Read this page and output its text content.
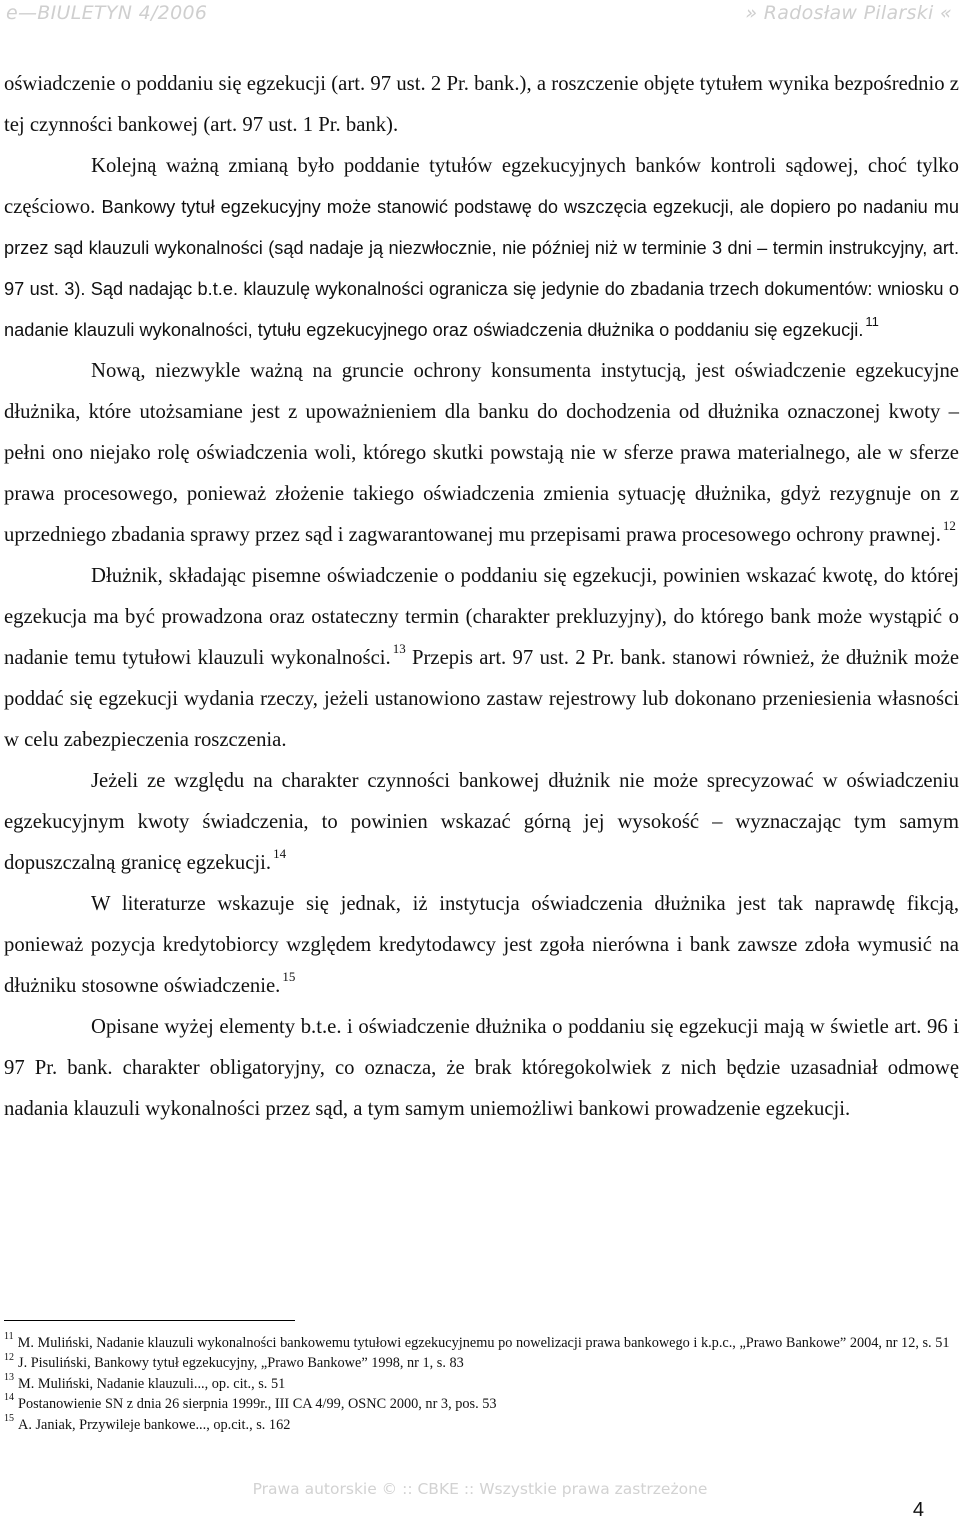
e—BIULETYN 4/2006	» Radosław Pilarski «

oświadczenie o poddaniu się egzekucji (art. 97 ust. 2 Pr. bank.), a roszczenie objęte tytułem wynika bezpośrednio z tej czynności bankowej (art. 97 ust. 1 Pr. bank).

Kolejną ważną zmianą było poddanie tytułów egzekucyjnych banków kontroli sądowej, choć tylko częściowo. Bankowy tytuł egzekucyjny może stanowić podstawę do wszczęcia egzekucji, ale dopiero po nadaniu mu przez sąd klauzuli wykonalności (sąd nadaje ją niezwłocznie, nie później niż w terminie 3 dni – termin instrukcyjny, art. 97 ust. 3). Sąd nadając b.t.e. klauzulę wykonalności ogranicza się jedynie do zbadania trzech dokumentów: wniosku o nadanie klauzuli wykonalności, tytułu egzekucyjnego oraz oświadczenia dłużnika o poddaniu się egzekucji. $^{11}$

Nową, niezwykle ważną na gruncie ochrony konsumenta instytucją, jest oświadczenie egzekucyjne dłużnika, które utożsamiane jest z upoważnieniem dla banku do dochodzenia od dłużnika oznaczonej kwoty – pełni ono niejako rolę oświadczenia woli, którego skutki powstają nie w sferze prawa materialnego, ale w sferze prawa procesowego, ponieważ złożenie takiego oświadczenia zmienia sytuację dłużnika, gdyż rezygnuje on z uprzedniego zbadania sprawy przez sąd i zagwarantowanej mu przepisami prawa procesowego ochrony prawnej. $^{12}$

Dłużnik, składając pisemne oświadczenie o poddaniu się egzekucji, powinien wskazać kwotę, do której egzekucja ma być prowadzona oraz ostateczny termin (charakter prekluzyjny), do którego bank może wystąpić o nadanie temu tytułowi klauzuli wykonalności. $^{13}$ Przepis art. 97 ust. 2 Pr. bank. stanowi również, że dłużnik może poddać się egzekucji wydania rzeczy, jeżeli ustanowiono zastaw rejestrowy lub dokonano przeniesienia własności w celu zabezpieczenia roszczenia.

Jeżeli ze względu na charakter czynności bankowej dłużnik nie może sprecyzować w oświadczeniu egzekucyjnym kwoty świadczenia, to powinien wskazać górną jej wysokość – wyznaczając tym samym dopuszczalną granicę egzekucji. $^{14}$

W literaturze wskazuje się jednak, iż instytucja oświadczenia dłużnika jest tak naprawdę fikcją, ponieważ pozycja kredytobiorcy względem kredytodawcy jest zgoła nierówna i bank zawsze zdoła wymusić na dłużniku stosowne oświadczenie. $^{15}$

Opisane wyżej elementy b.t.e. i oświadczenie dłużnika o poddaniu się egzekucji mają w świetle art. 96 i 97 Pr. bank. charakter obligatoryjny, co oznacza, że brak któregokolwiek z nich będzie uzasadniał odmowę nadania klauzuli wykonalności przez sąd, a tym samym uniemożliwi bankowi prowadzenie egzekucji.

$^{11}$ M. Muliński, Nadanie klauzuli wykonalności bankowemu tytułowi egzekucyjnemu po nowelizacji prawa bankowego i k.p.c., „Prawo Bankowe” 2004, nr 12, s. 51

$^{12}$ J. Pisuliński, Bankowy tytuł egzekucyjny, „Prawo Bankowe” 1998, nr 1, s. 83

$^{13}$ M. Muliński, Nadanie klauzuli..., op. cit., s. 51

$^{14}$ Postanowienie SN z dnia 26 sierpnia 1999r., III CA 4/99, OSNC 2000, nr 3, pos. 53

$^{15}$ A. Janiak, Przywileje bankowe..., op.cit., s. 162

Prawa autorskie © :: CBKE :: Wszystkie prawa zastrzeżone
4
